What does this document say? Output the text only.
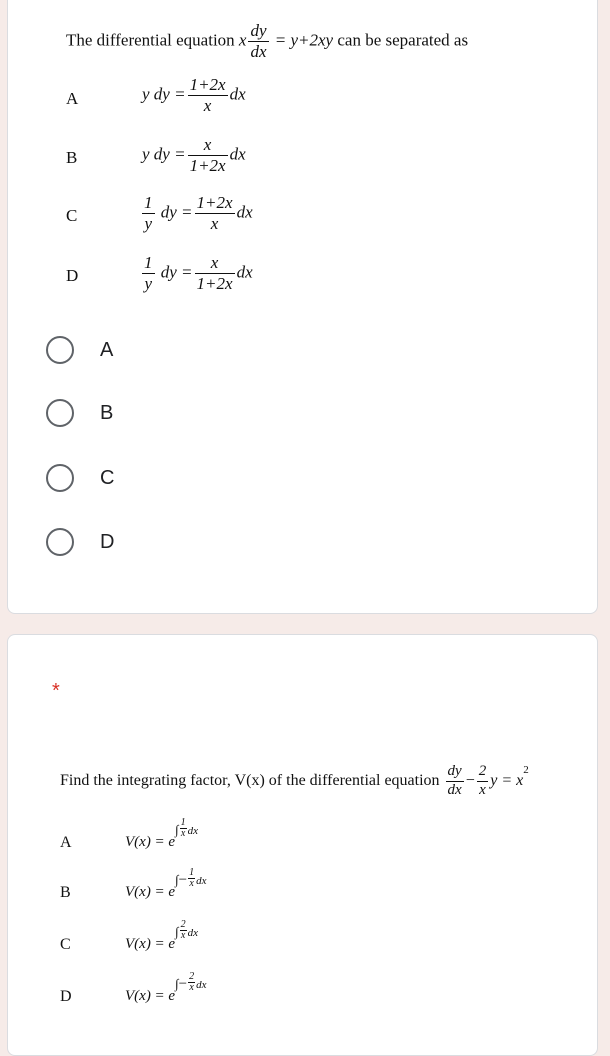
The differential equation x $\frac{dy}{dx} = y+2xy$ can be separated as
A	y dy = $\frac{1+2x}{x}$ dx
B	y dy = $\frac{x}{1+2x}$ dx
C	$\frac{1}{y}$ dy = $\frac{1+2x}{x}$ dx
D	$\frac{1}{y}$ dy = $\frac{x}{1+2x}$ dx
A
B
C
D
*
Find the integrating factor, V(x) of the differential equation $\frac{dy}{dx} - \frac{2}{x}$ y = x2
A	$V(x) = e\int \frac{1}{x}$ dx
B	$V(x) = e\int- \frac{1}{x}$ dx
C	$V(x) = e\int \frac{2}{x}$ dx
D	$V(x) = e\int- \frac{2}{x}$ dx
